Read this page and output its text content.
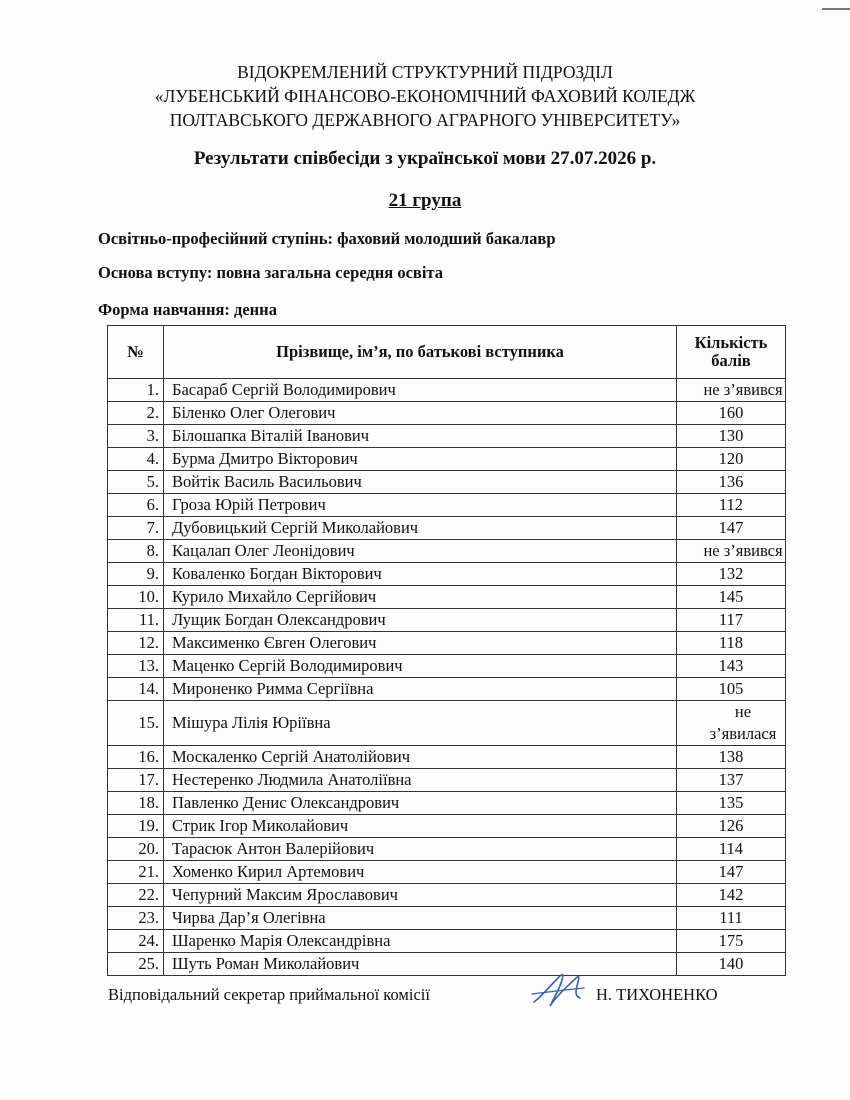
ВІДОКРЕМЛЕНИЙ СТРУКТУРНИЙ ПІДРОЗДІЛ
«ЛУБЕНСЬКИЙ ФІНАНСОВО-ЕКОНОМІЧНИЙ ФАХОВИЙ КОЛЕДЖ
ПОЛТАВСЬКОГО ДЕРЖАВНОГО АГРАРНОГО УНІВЕРСИТЕТУ»
Результати співбесіди з української мови 27.07.2026 р.
21 група
Освітньо-професійний ступінь: фаховий молодший бакалавр
Основа вступу: повна загальна середня освіта
Форма навчання: денна
№	Прізвище, ім’я, по батькові вступника	Кількість балів
1.	Басараб Сергій Володимирович	не з’явився
2.	Біленко Олег Олегович	160
3.	Білошапка Віталій Іванович	130
4.	Бурма Дмитро Вікторович	120
5.	Войтік Василь Васильович	136
6.	Гроза Юрій Петрович	112
7.	Дубовицький Сергій Миколайович	147
8.	Кацалап Олег Леонідович	не з’явився
9.	Коваленко Богдан Вікторович	132
10.	Курило Михайло Сергійович	145
11.	Лущик Богдан Олександрович	117
12.	Максименко Євген Олегович	118
13.	Маценко Сергій Володимирович	143
14.	Мироненко Римма Сергіївна	105
15.	Мішура Лілія Юріївна	не з’явилася
16.	Москаленко Сергій Анатолійович	138
17.	Нестеренко Людмила Анатоліївна	137
18.	Павленко Денис Олександрович	135
19.	Стрик Ігор Миколайович	126
20.	Тарасюк Антон Валерійович	114
21.	Хоменко Кирил Артемович	147
22.	Чепурний Максим Ярославович	142
23.	Чирва Дар’я Олегівна	111
24.	Шаренко Марія Олександрівна	175
25.	Шуть Роман Миколайович	140
Відповідальний секретар приймальної комісії	Н. ТИХОНЕНКО
